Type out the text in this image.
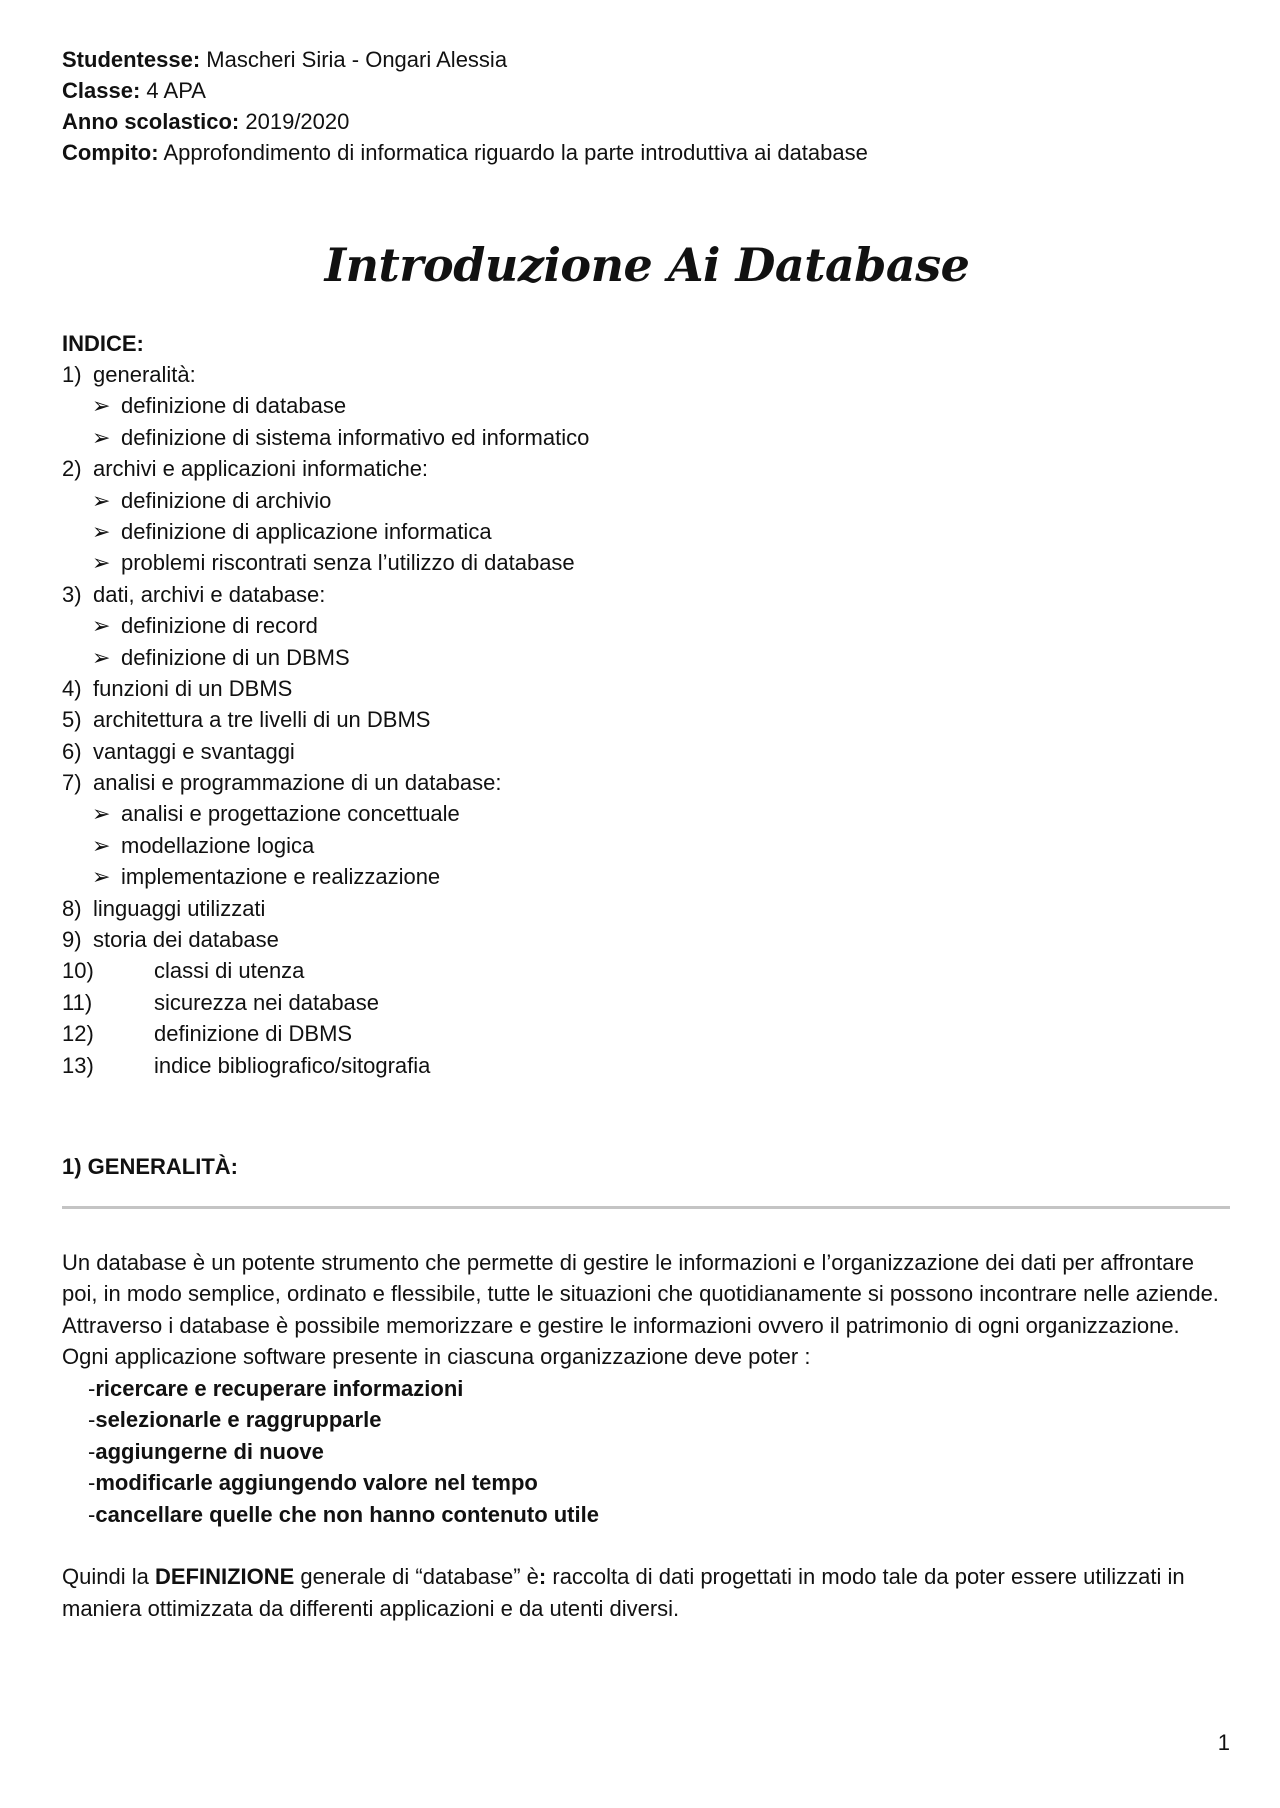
Studentesse: Mascheri Siria - Ongari Alessia
Classe: 4 APA
Anno scolastico: 2019/2020
Compito: Approfondimento di informatica riguardo la parte introduttiva ai database
Introduzione Ai Database
INDICE:
1) generalità:
➢ definizione di database
➢ definizione di sistema informativo ed informatico
2) archivi e applicazioni informatiche:
➢ definizione di archivio
➢ definizione di applicazione informatica
➢ problemi riscontrati senza l’utilizzo di database
3) dati, archivi e database:
➢ definizione di record
➢ definizione di un DBMS
4) funzioni di un DBMS
5) architettura a tre livelli di un DBMS
6) vantaggi e svantaggi
7) analisi e programmazione di un database:
➢ analisi e progettazione concettuale
➢ modellazione logica
➢ implementazione e realizzazione
8) linguaggi utilizzati
9) storia dei database
10)	classi di utenza
11)	sicurezza nei database
12)	definizione di DBMS
13)	indice bibliografico/sitografia
1) GENERALITÀ:
Un database è un potente strumento che permette di gestire le informazioni e l’organizzazione dei dati per affrontare poi, in modo semplice, ordinato e flessibile, tutte le situazioni che quotidianamente si possono incontrare nelle aziende.
Attraverso i database è possibile memorizzare e gestire le informazioni ovvero il patrimonio di ogni organizzazione.
Ogni applicazione software presente in ciascuna organizzazione deve poter :
-ricercare e recuperare informazioni
-selezionarle e raggrupparle
-aggiungerne di nuove
-modificarle aggiungendo valore nel tempo
-cancellare quelle che non hanno contenuto utile
Quindi la DEFINIZIONE generale di “database” è: raccolta di dati progettati in modo tale da poter essere utilizzati in maniera ottimizzata da differenti applicazioni e da utenti diversi.
1
